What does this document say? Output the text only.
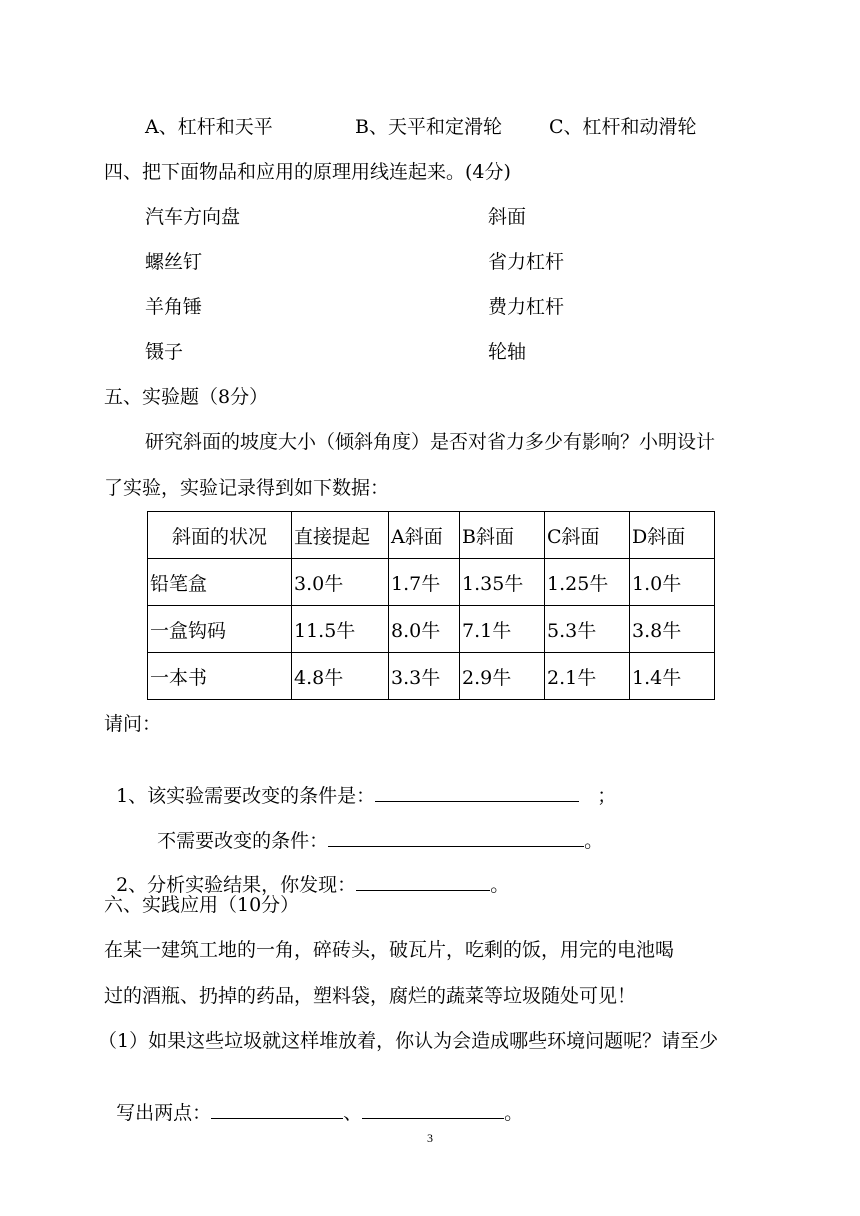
A、杠杆和天平	B、天平和定滑轮 C、杠杆和动滑轮
四、把下面物品和应用的原理用线连起来。(4分)
汽车方向盘	斜面
螺丝钉	省力杠杆
羊角锤	费力杠杆
镊子	轮轴
五、实验题（8分）
研究斜面的坡度大小（倾斜角度）是否对省力多少有影响？小明设计
了实验，实验记录得到如下数据：
斜面的状况	直接提起	A斜面	B斜面	C斜面	D斜面
铅笔盒	3.0牛	1.7牛	1.35牛	1.25牛	1.0牛
一盒钩码	11.5牛	8.0牛	7.1牛	5.3牛	3.8牛
一本书	4.8牛	3.3牛	2.9牛	2.1牛	1.4牛
请问：

1、该实验需要改变的条件是：	；

不需要改变的条件：	。

2、分析实验结果，你发现：	。

六、实践应用（10分）
在某一建筑工地的一角，碎砖头，破瓦片，吃剩的饭，用完的电池喝
过的酒瓶、扔掉的药品，塑料袋，腐烂的蔬菜等垃圾随处可见！
（1）如果这些垃圾就这样堆放着，你认为会造成哪些环境问题呢？请至少

写出两点：	、	。

3
